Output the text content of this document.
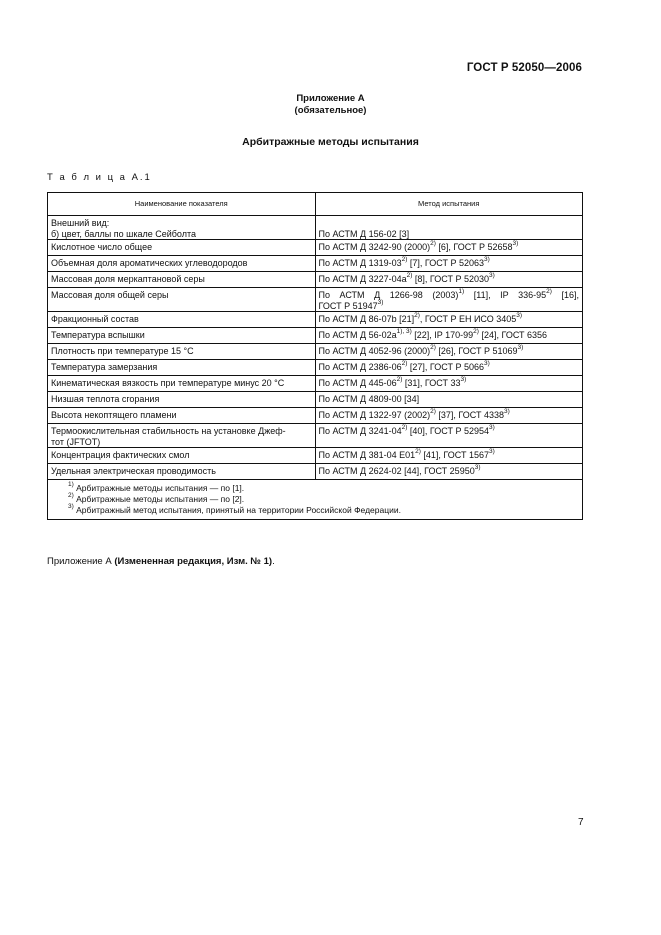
ГОСТ Р 52050—2006
Приложение А
(обязательное)
Арбитражные методы испытания
Т а б л и ц а А.1
Наименование показателя	Метод испытания
Внешний вид:
б) цвет, баллы по шкале Сейболта	По АСТМ Д 156-02 [3]
Кислотное число общее	По АСТМ Д 3242-90 $(2000)^{2)}$ [6], ГОСТ Р 52658$^{3)}$
Объемная доля ароматических углеводородов	По АСТМ Д 1319-03$^{2)}$ [7], ГОСТ Р 52063$^{3)}$
Массовая доля меркаптановой серы	По АСТМ Д $3227-04а^{2)}$ [8], ГОСТ Р 52030$^{3)}$
Массовая доля общей серы	По АСТМ Д 1266-98 $(2003)^{1)}$ [11], IP 336-95$^{2)}$ [16],
ГОСТ Р 51947$^{3)}$
Фракционный состав	По АСТМ Д 86-07b $[21]^{2)}$, ГОСТ Р ЕН ИСО 3405$^{3)}$
Температура вспышки	По АСТМ Д $56-02а^{1), 3)}$ [22], IP 170-99$^{2)}$ [24], ГОСТ 6356
Плотность при температуре 15 °С	По АСТМ Д 4052-96 $(2000)^{2)}$ [26], ГОСТ Р 51069$^{3)}$
Температура замерзания	По АСТМ Д 2386-06$^{2)}$ [27], ГОСТ Р 5066$^{3)}$
Кинематическая вязкость при температуре минус 20 °С	По АСТМ Д 445-06$^{2)}$ [31], ГОСТ 33$^{3)}$
Низшая теплота сгорания	По АСТМ Д 4809-00 [34]
Высота некоптящего пламени	По АСТМ Д 1322-97 $(2002)^{2)}$ [37], ГОСТ 4338$^{3)}$
Термоокислительная стабильность на установке Джеф-
тот (JFTOT)	По АСТМ Д 3241-04$^{2)}$ [40], ГОСТ Р 52954$^{3)}$
Концентрация фактических смол	По АСТМ Д 381-04 Е01$^{2)}$ [41], ГОСТ 1567$^{3)}$
Удельная электрическая проводимость	По АСТМ Д 2624-02 [44], ГОСТ 25950$^{3)}$

$^{1)}$ Арбитражные методы испытания — по [1].
$^{2)}$ Арбитражные методы испытания — по [2].
$^{3)}$ Арбитражный метод испытания, принятый на территории Российской Федерации.	
Приложение А (Измененная редакция, Изм. № 1).
7
